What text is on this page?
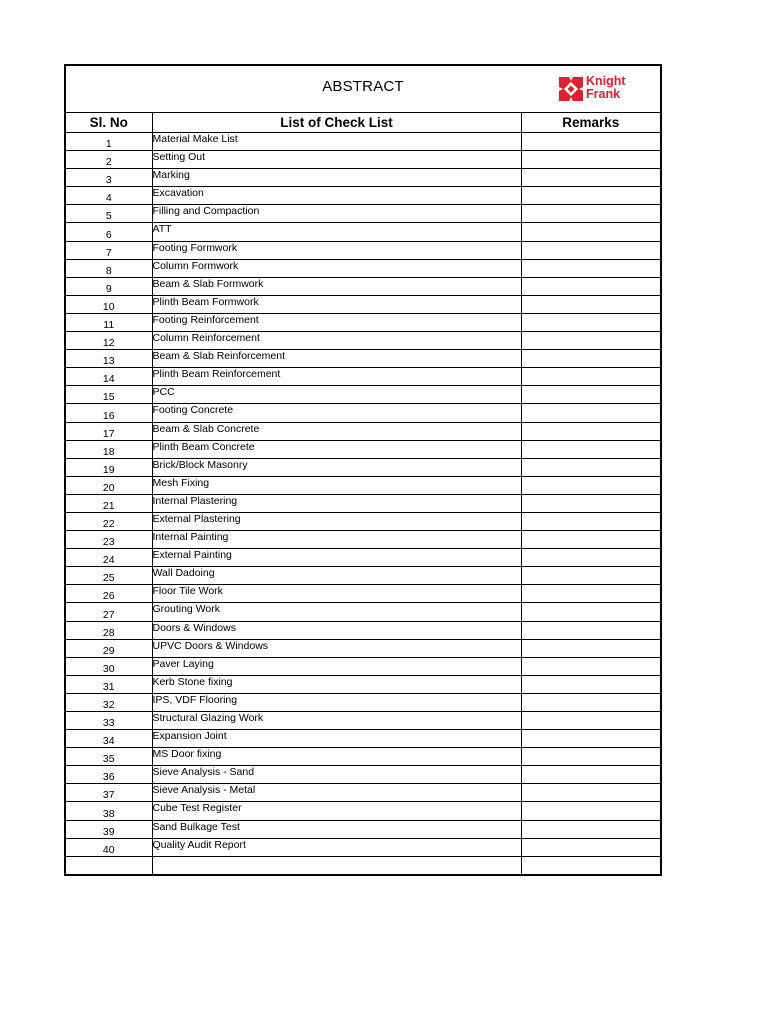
ABSTRACT	Knight
Frank
Sl. No	List of Check List	Remarks
1	Material Make List	
2	Setting Out	
3	Marking	
4	Excavation	
5	Filling and Compaction	
6	ATT	
7	Footing Formwork	
8	Column Formwork	
9	Beam & Slab Formwork	
10	Plinth Beam Formwork	
11	Footing Reinforcement	
12	Column Reinforcement	
13	Beam & Slab Reinforcement	
14	Plinth Beam Reinforcement	
15	PCC	
16	Footing Concrete	
17	Beam & Slab Concrete	
18	Plinth Beam Concrete	
19	Brick/Block Masonry	
20	Mesh Fixing	
21	Internal Plastering	
22	External Plastering	
23	Internal Painting	
24	External Painting	
25	Wall Dadoing	
26	Floor Tile Work	
27	Grouting Work	
28	Doors & Windows	
29	UPVC Doors & Windows	
30	Paver Laying	
31	Kerb Stone fixing	
32	IPS, VDF Flooring	
33	Structural Glazing Work	
34	Expansion Joint	
35	MS Door fixing	
36	Sieve Analysis - Sand	
37	Sieve Analysis - Metal	
38	Cube Test Register	
39	Sand Bulkage Test	
40	Quality Audit Report	
